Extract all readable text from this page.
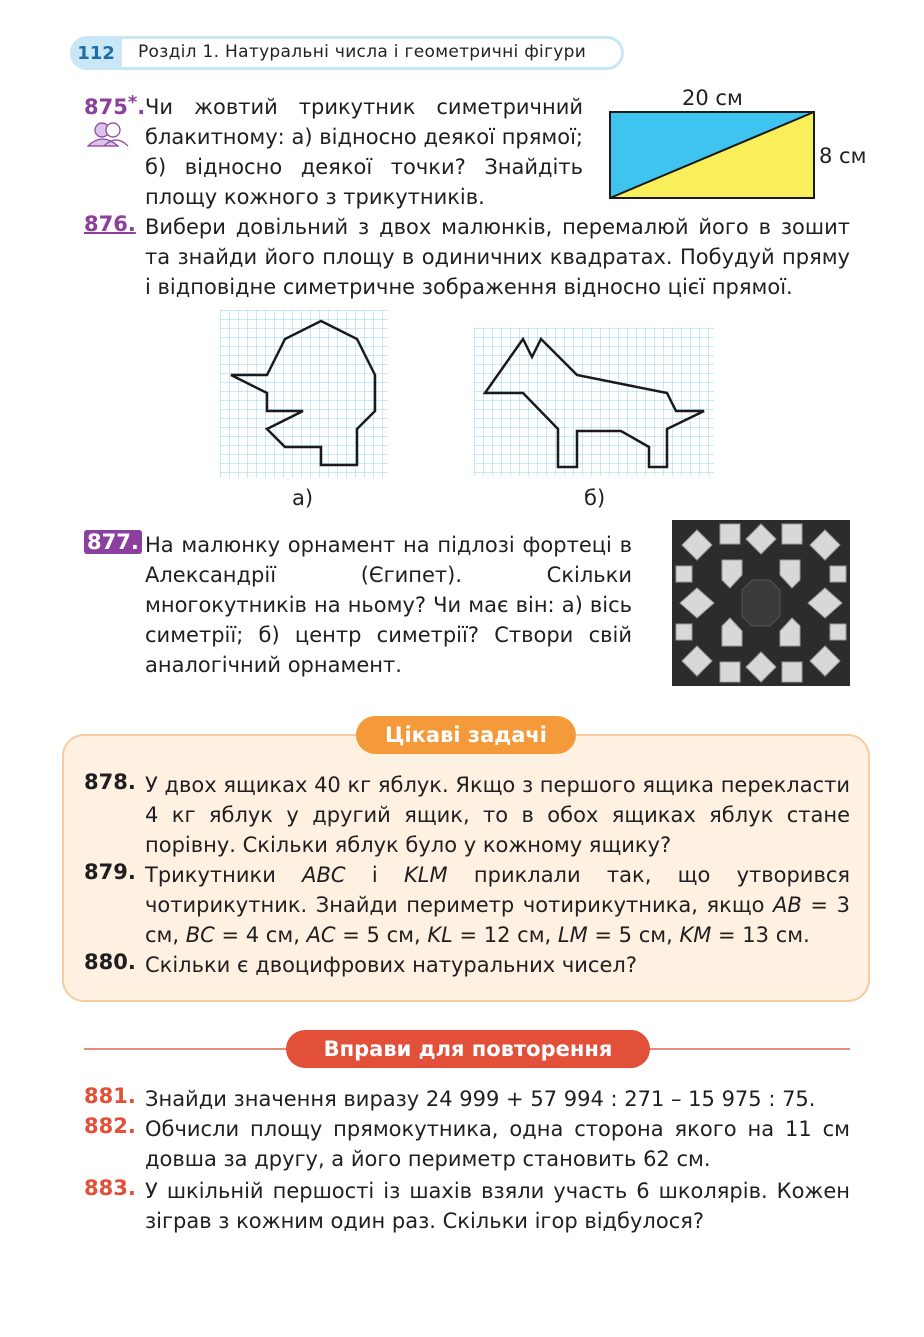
112	Розділ 1. Натуральні числа і геометричні фігури
875*. Чи жовтий трикутник симетричний блакитному: а) відносно деякої прямої; б) відносно деякої точки? Знайдіть площу кожного з трикутників.
20 см
8 см
876. Вибери довільний з двох малюнків, перемалюй його в зошит та знайди його площу в одиничних квадратах. Побудуй пряму і відповідне симетричне зображення відносно цієї прямої.
а)	б)
877. На малюнку орнамент на підлозі фортеці в Александрії (Єгипет). Скільки многокутників на ньому? Чи має він: а) вісь симетрії; б) центр симетрії? Створи свій аналогічний орнамент.
Цікаві задачі
878. У двох ящиках 40 кг яблук. Якщо з першого ящика перекласти 4 кг яблук у другий ящик, то в обох ящиках яблук стане порівну. Скільки яблук було у кожному ящику?
879. Трикутники ABC і KLM приклали так, що утворився чотирикутник. Знайди периметр чотирикутника, якщо AB = 3 см, BC = 4 см, AC = 5 см, KL = 12 см, LM = 5 см, KM = 13 см.
880. Скільки є двоцифрових натуральних чисел?
Вправи для повторення
881. Знайди значення виразу 24 999 + 57 994 : 271 – 15 975 : 75.
882. Обчисли площу прямокутника, одна сторона якого на 11 см довша за другу, а його периметр становить 62 см.
883. У шкільній першості із шахів взяли участь 6 школярів. Кожен зіграв з кожним один раз. Скільки ігор відбулося?
